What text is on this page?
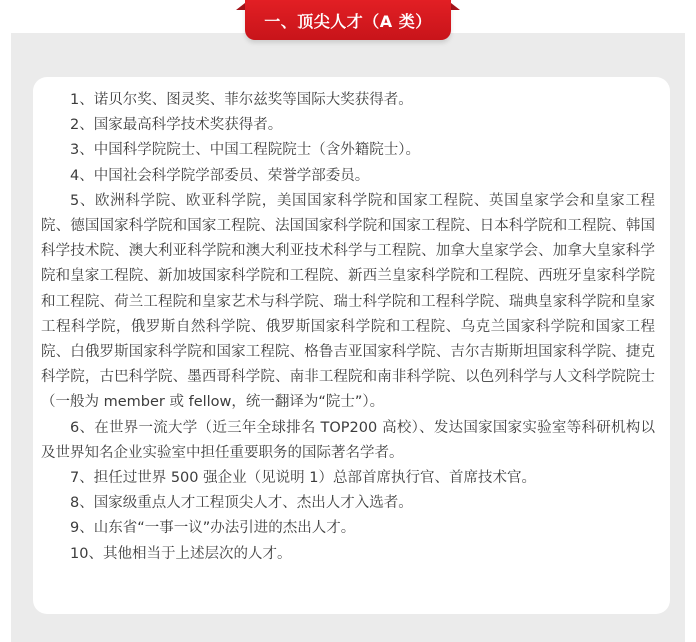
一、顶尖人才（A 类）

1、诺贝尔奖、图灵奖、菲尔兹奖等国际大奖获得者。

2、国家最高科学技术奖获得者。

3、中国科学院院士、中国工程院院士（含外籍院士）。

4、中国社会科学院学部委员、荣誉学部委员。

5、欧洲科学院、欧亚科学院，美国国家科学院和国家工程院、英国皇家学会和皇家工程院、德国国家科学院和国家工程院、法国国家科学院和国家工程院、日本科学院和工程院、韩国科学技术院、澳大利亚科学院和澳大利亚技术科学与工程院、加拿大皇家学会、加拿大皇家科学院和皇家工程院、新加坡国家科学院和工程院、新西兰皇家科学院和工程院、西班牙皇家科学院和工程院、荷兰工程院和皇家艺术与科学院、瑞士科学院和工程科学院、瑞典皇家科学院和皇家工程科学院，俄罗斯自然科学院、俄罗斯国家科学院和工程院、乌克兰国家科学院和国家工程院、白俄罗斯国家科学院和国家工程院、格鲁吉亚国家科学院、吉尔吉斯斯坦国家科学院、捷克科学院，古巴科学院、墨西哥科学院、南非工程院和南非科学院、以色列科学与人文科学院院士（一般为 member 或 fellow，统一翻译为“院士”）。

6、在世界一流大学（近三年全球排名 TOP200 高校）、发达国家国家实验室等科研机构以及世界知名企业实验室中担任重要职务的国际著名学者。

7、担任过世界 500 强企业（见说明 1）总部首席执行官、首席技术官。

8、国家级重点人才工程顶尖人才、杰出人才入选者。

9、山东省“一事一议”办法引进的杰出人才。

10、其他相当于上述层次的人才。
